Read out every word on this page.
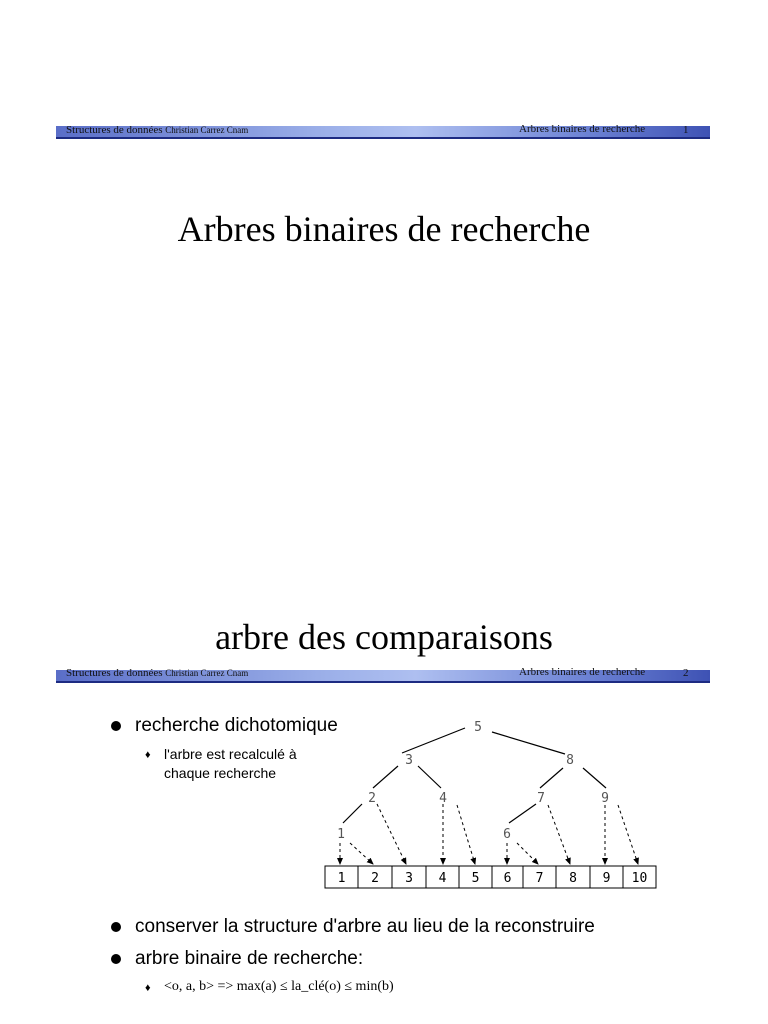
Structures de données Christian Carrez Cnam	Arbres binaires de recherche	1
Arbres binaires de recherche
arbre des comparaisons
Structures de données Christian Carrez Cnam	Arbres binaires de recherche	2
recherche dichotomique
♦ l'arbre est recalculé à
chaque recherche
5
3	8
2	4	7	9
1	6
1 2 3 4 5 6 7 8 9 10
conserver la structure d'arbre au lieu de la reconstruire
arbre binaire de recherche:
♦ <o, a, b> => max(a) ≤ la_clé(o) ≤ min(b)
